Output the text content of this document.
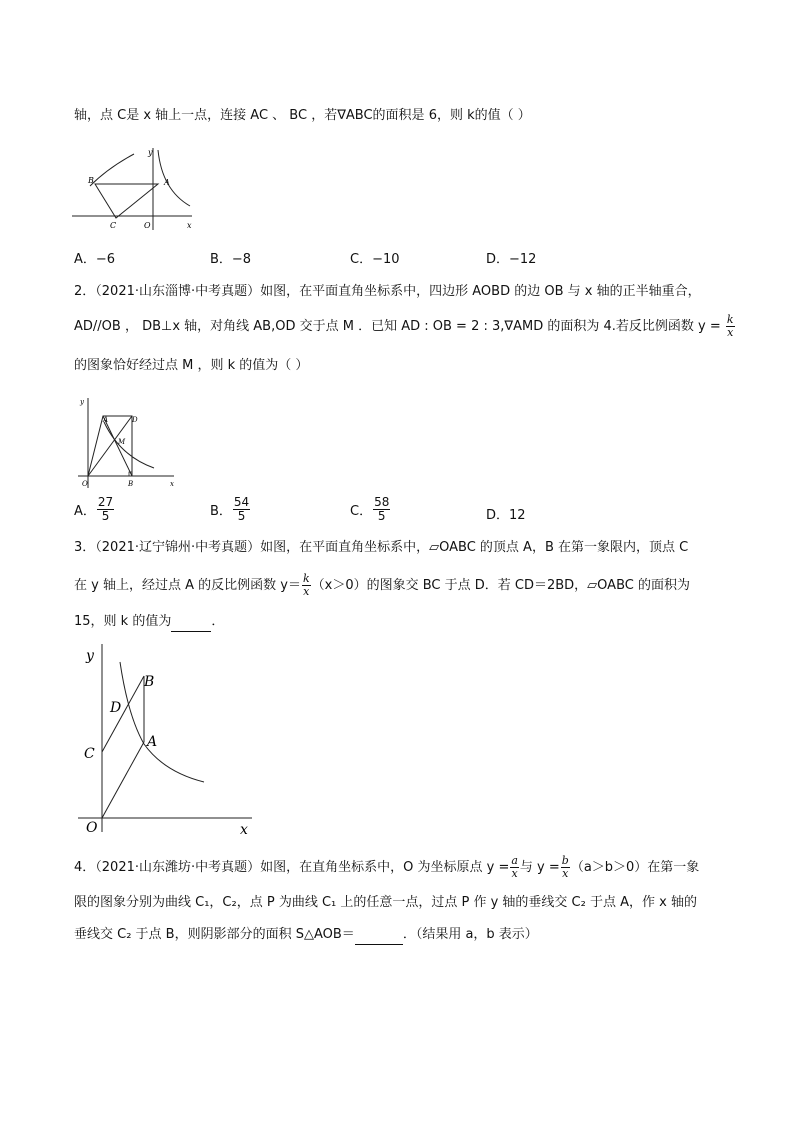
轴，点 C是 x 轴上一点，连接 AC 、 BC ，若∇ABC的面积是 6，则 k的值（ ）
y
x
A
B
C	O
A．−6	B．−8	C．−10	D．−12
2．（2021·山东淄博·中考真题）如图，在平面直角坐标系中，四边形 AOBD 的边 OB 与 x 轴的正半轴重合，
AD//OB ， DB⊥x 轴，对角线 AB,OD 交于点 M ．已知 AD : OB = 2 : 3,∇AMD 的面积为 4.若反比例函数 $y = \frac{k}{x}$
的图象恰好经过点 M ，则 k 的值为（ ）
y
x
A	D
M
O	B
A． $\frac{27}{5}$	B． $\frac{54}{5}$	C． $\frac{58}{5}$	D．12
3．（2021·辽宁锦州·中考真题）如图，在平面直角坐标系中，▱OABC 的顶点 A，B 在第一象限内，顶点 C
在 y 轴上，经过点 A 的反比例函数 $y= \frac{k}{x} (x>0)$的图象交 BC 于点 D．若 CD＝2BD，▱OABC 的面积为
15，则 k 的值为	．
y
x
B
D
A
C
O
4．（2021·山东潍坊·中考真题）如图，在直角坐标系中，O 为坐标原点 $y = \frac{a}{x}$ 与 $y = \frac{b}{x} (a>b>0)$在第一象
限的图象分别为曲线 C₁，C₂，点 P 为曲线 C₁ 上的任意一点，过点 P 作 y 轴的垂线交 C₂ 于点 A，作 x 轴的
垂线交 C₂ 于点 B，则阴影部分的面积 S△AOB＝	．（结果用 a，b 表示）
